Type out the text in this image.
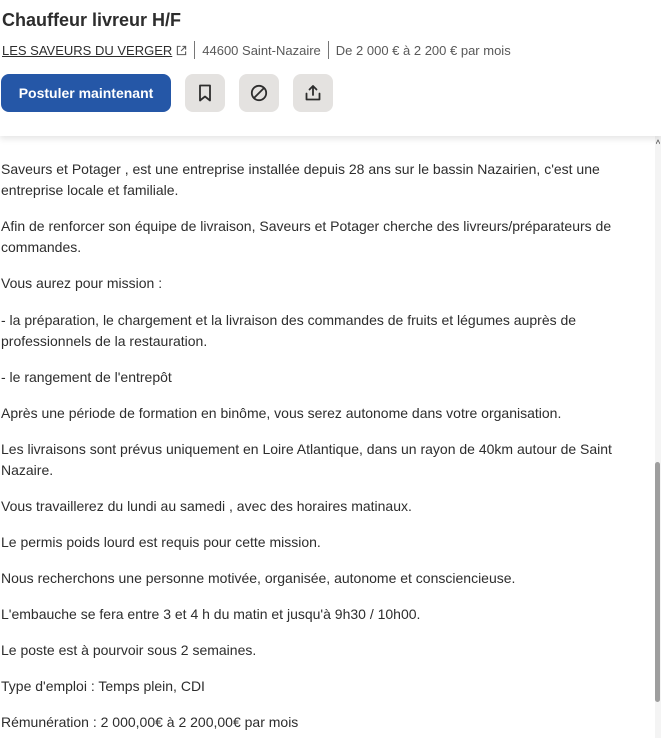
Chauffeur livreur H/F
LES SAVEURS DU VERGER 44600 Saint-Nazaire De 2 000 € à 2 200 € par mois
Postuler maintenant

Saveurs et Potager , est une entreprise installée depuis 28 ans sur le bassin Nazairien, c'est une entreprise locale et familiale.

Afin de renforcer son équipe de livraison, Saveurs et Potager cherche des livreurs/préparateurs de commandes.

Vous aurez pour mission :

- la préparation, le chargement et la livraison des commandes de fruits et légumes auprès de professionnels de la restauration.

- le rangement de l'entrepôt

Après une période de formation en binôme, vous serez autonome dans votre organisation.

Les livraisons sont prévus uniquement en Loire Atlantique, dans un rayon de 40km autour de Saint Nazaire.

Vous travaillerez du lundi au samedi , avec des horaires matinaux.

Le permis poids lourd est requis pour cette mission.

Nous recherchons une personne motivée, organisée, autonome et consciencieuse.

L'embauche se fera entre 3 et 4 h du matin et jusqu'à 9h30 / 10h00.

Le poste est à pourvoir sous 2 semaines.

Type d'emploi : Temps plein, CDI

Rémunération : 2 000,00€ à 2 200,00€ par mois
